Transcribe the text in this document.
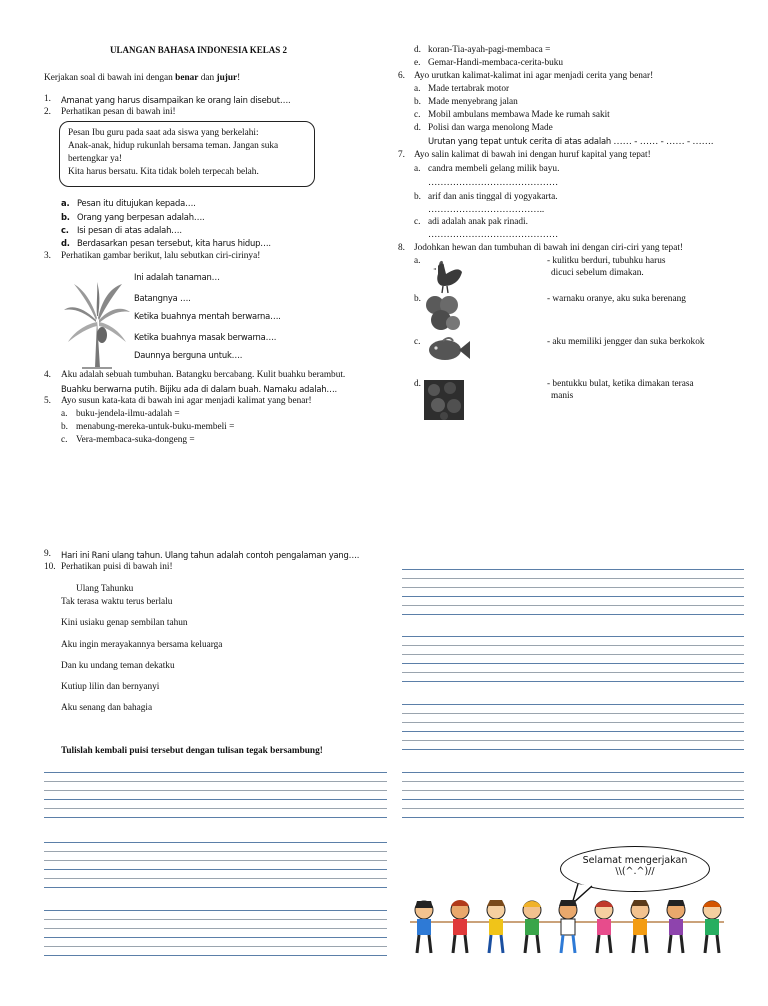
ULANGAN BAHASA INDONESIA KELAS 2
Kerjakan soal di bawah ini dengan benar dan jujur!
1. Amanat yang harus disampaikan ke orang lain disebut….
2. Perhatikan pesan di bawah ini!
Pesan Ibu guru pada saat ada siswa yang berkelahi:
Anak-anak, hidup rukunlah bersama teman. Jangan suka
bertengkar ya!
Kita harus bersatu. Kita tidak boleh terpecah belah.
a. Pesan itu ditujukan kepada….
b. Orang yang berpesan adalah….
c. Isi pesan di atas adalah….
d. Berdasarkan pesan tersebut, kita harus hidup….
3. Perhatikan gambar berikut, lalu sebutkan ciri-cirinya!
Ini adalah tanaman…
Batangnya ….
Ketika buahnya mentah berwarna….
Ketika buahnya masak berwarna….
Daunnya berguna untuk….
4. Aku adalah sebuah tumbuhan. Batangku bercabang. Kulit buahku berambut.
Buahku berwarna putih. Bijiku ada di dalam buah. Namaku adalah….
5. Ayo susun kata-kata di bawah ini agar menjadi kalimat yang benar!
a. buku-jendela-ilmu-adalah =
b. menabung-mereka-untuk-buku-membeli =
c. Vera-membaca-suka-dongeng =
d. koran-Tia-ayah-pagi-membaca =
e. Gemar-Handi-membaca-cerita-buku
6. Ayo urutkan kalimat-kalimat ini agar menjadi cerita yang benar!
a. Made tertabrak motor
b. Made menyebrang jalan
c. Mobil ambulans membawa Made ke rumah sakit
d. Polisi dan warga menolong Made
Urutan yang tepat untuk cerita di atas adalah …… - …… - …… - …….
7. Ayo salin kalimat di bawah ini dengan huruf kapital yang tepat!
a. candra membeli gelang milik bayu.
……………………………………
b. arif dan anis tinggal di yogyakarta.
………………………………..
c. adi adalah anak pak rinadi.
……………………………………
8. Jodohkan hewan dan tumbuhan di bawah ini dengan ciri-ciri yang tepat!
a.	- kulitku berduri, tubuhku harus
dicuci sebelum dimakan.
b.	- warnaku oranye, aku suka berenang
c.	- aku memiliki jengger dan suka berkokok
d.	- bentukku bulat, ketika dimakan terasa
manis
9. Hari ini Rani ulang tahun. Ulang tahun adalah contoh pengalaman yang….
10. Perhatikan puisi di bawah ini!
Ulang Tahunku
Tak terasa waktu terus berlalu
Kini usiaku genap sembilan tahun
Aku ingin merayakannya bersama keluarga
Dan ku undang teman dekatku
Kutiup lilin dan bernyanyi
Aku senang dan bahagia
Tulislah kembali puisi tersebut dengan tulisan tegak bersambung!
Selamat mengerjakan
\\(^.^)//
